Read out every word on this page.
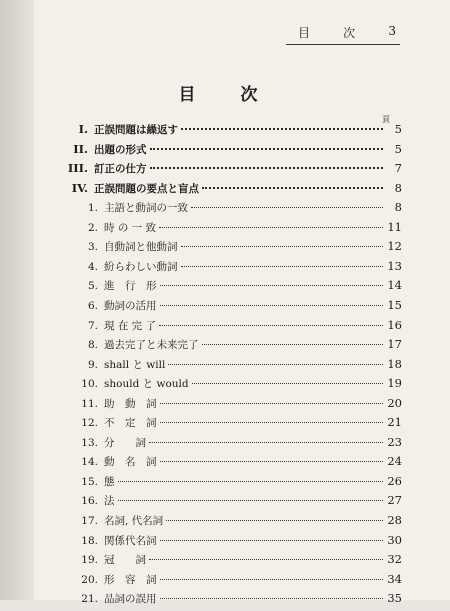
目	次	3
目　次
頁
I. 正誤問題は繰返す	5
II. 出題の形式	5
III. 訂正の仕方	7
IV. 正誤問題の要点と盲点	8
1. 主語と動詞の一致	8
2. 時 の 一 致	11
3. 自動詞と他動詞	12
4. 紛らわしい動詞	13
5. 進　行　形	14
6. 動詞の活用	15
7. 現 在 完 了	16
8. 過去完了と未来完了	17
9. shall と will	18
10. should と would	19
11. 助　動　詞	20
12. 不　定　詞	21
13. 分　　詞	23
14. 動　名　詞	24
15. 態	26
16. 法	27
17. 名詞, 代名詞	28
18. 関係代名詞	30
19. 冠　　詞	32
20. 形　容　詞	34
21. 品詞の誤用	35
